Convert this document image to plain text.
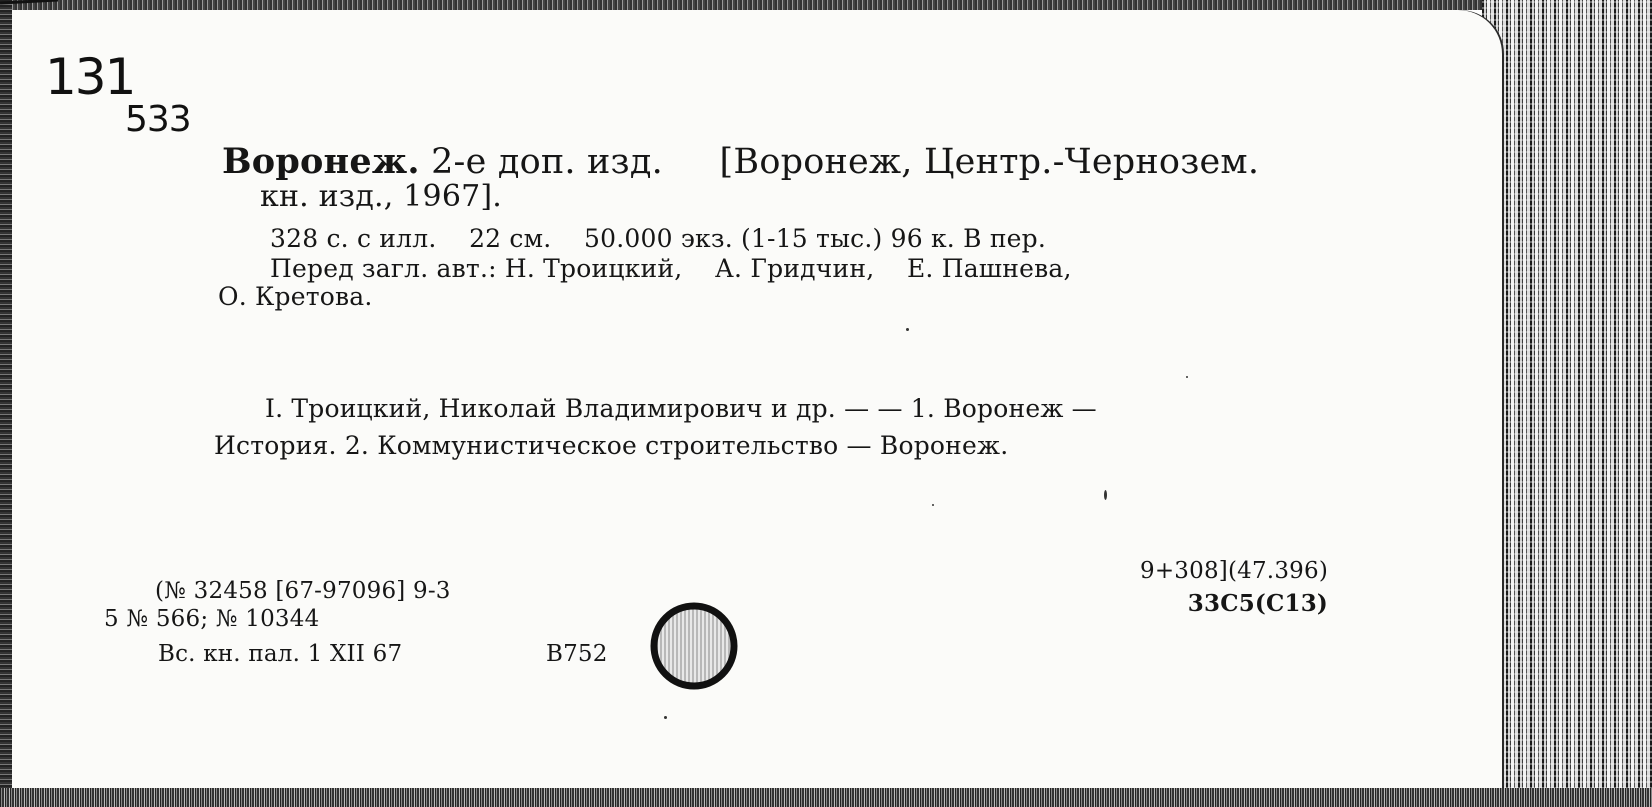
131
533
Воронеж. 2-е доп. изд.     [Воронеж, Центр.-Чернозем.
кн. изд., 1967].
328 с. с илл.    22 см.    50.000 экз. (1-15 тыс.) 96 к. В пер.
Перед загл. авт.: Н. Троицкий,    А. Гридчин,    Е. Пашнева,
О. Кретова.
I. Троицкий, Николай Владимирович и др. — — 1. Воронеж —
История. 2. Коммунистическое строительство — Воронеж.
(№ 32458 [67-97096] 9-3
5 № 566; № 10344
Вс. кн. пал. 1 XII 67	В752
9+308](47.396)
33С5(С13)
